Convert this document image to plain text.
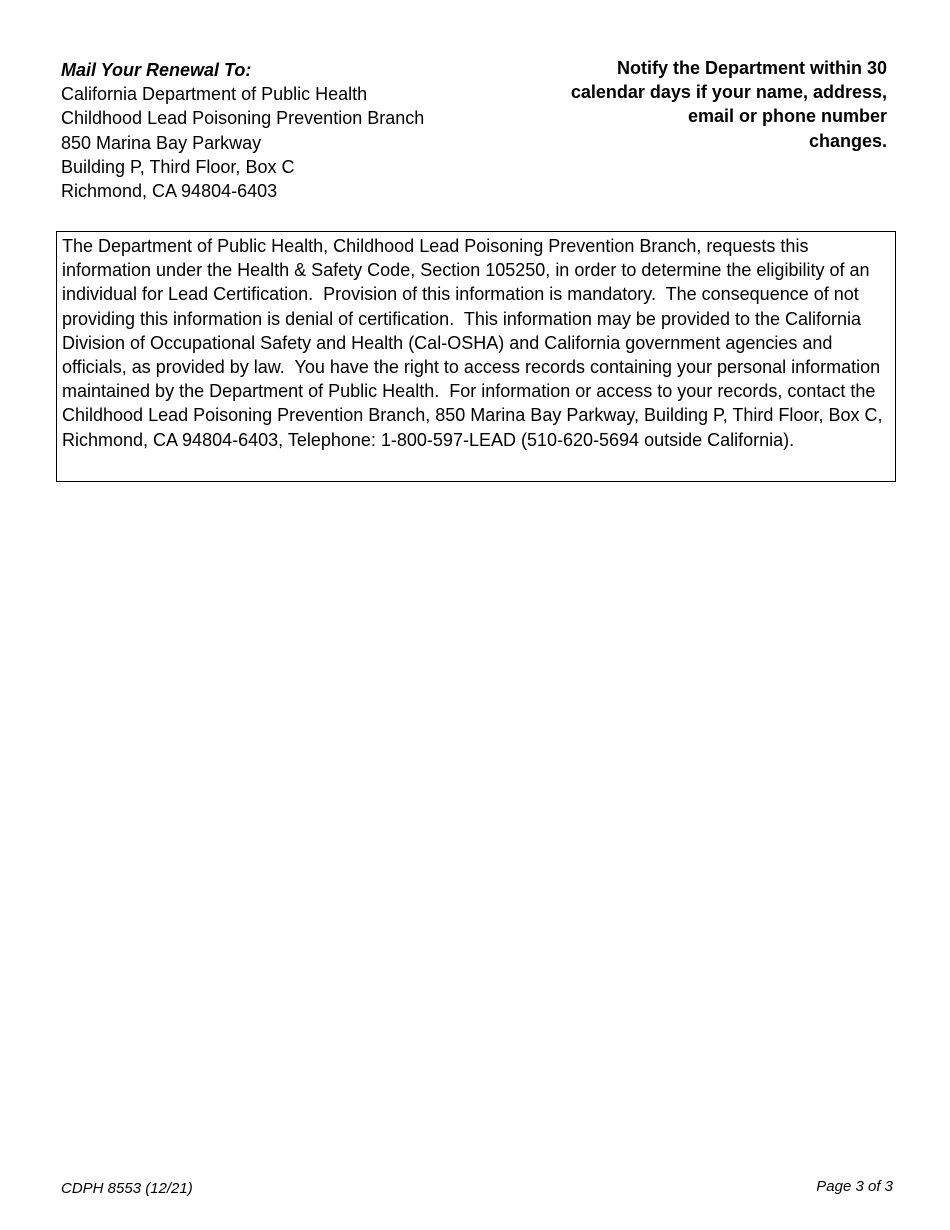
Mail Your Renewal To:
California Department of Public Health
Childhood Lead Poisoning Prevention Branch
850 Marina Bay Parkway
Building P, Third Floor, Box C
Richmond, CA 94804-6403
Notify the Department within 30
calendar days if your name, address,
email or phone number
changes.
The Department of Public Health, Childhood Lead Poisoning Prevention Branch, requests this information under the Health & Safety Code, Section 105250, in order to determine the eligibility of an individual for Lead Certification.  Provision of this information is mandatory.  The consequence of not providing this information is denial of certification.  This information may be provided to the California Division of Occupational Safety and Health (Cal-OSHA) and California government agencies and officials, as provided by law.  You have the right to access records containing your personal information maintained by the Department of Public Health.  For information or access to your records, contact the Childhood Lead Poisoning Prevention Branch, 850 Marina Bay Parkway, Building P, Third Floor, Box C, Richmond, CA 94804-6403, Telephone: 1-800-597-LEAD (510-620-5694 outside California).
CDPH 8553 (12/21)	Page 3 of 3
